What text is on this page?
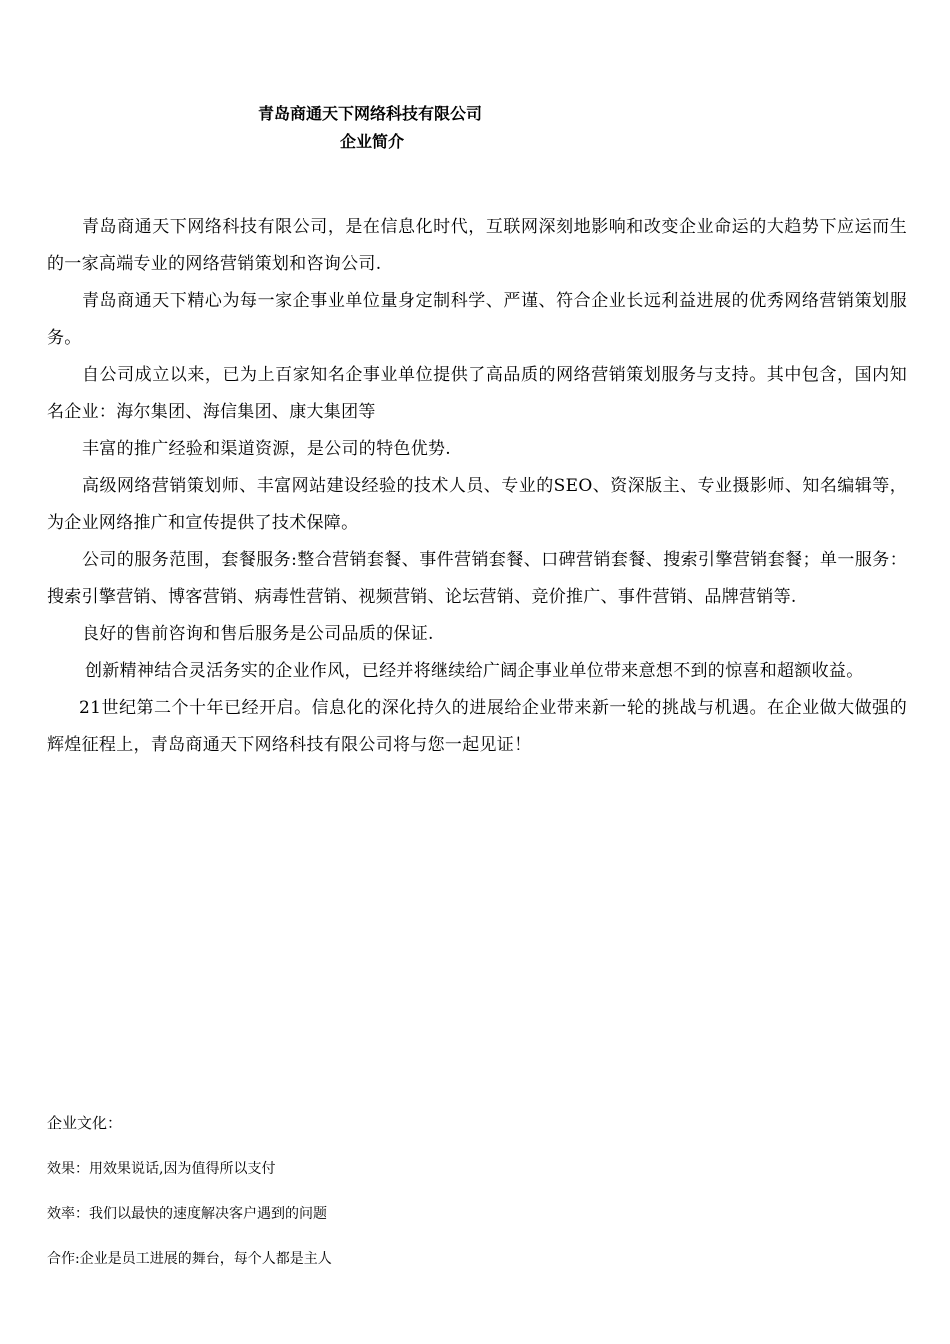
青岛商通天下网络科技有限公司
企业简介

青岛商通天下网络科技有限公司，是在信息化时代，互联网深刻地影响和改变企业命运的大趋势下应运而生的一家高端专业的网络营销策划和咨询公司.

青岛商通天下精心为每一家企事业单位量身定制科学、严谨、符合企业长远利益进展的优秀网络营销策划服务。

自公司成立以来，已为上百家知名企事业单位提供了高品质的网络营销策划服务与支持。其中包含，国内知名企业：海尔集团、海信集团、康大集团等

丰富的推广经验和渠道资源，是公司的特色优势.

高级网络营销策划师、丰富网站建设经验的技术人员、专业的SEO、资深版主、专业摄影师、知名编辑等，为企业网络推广和宣传提供了技术保障。

公司的服务范围，套餐服务:整合营销套餐、事件营销套餐、口碑营销套餐、搜索引擎营销套餐；单一服务：搜索引擎营销、博客营销、病毒性营销、视频营销、论坛营销、竞价推广、事件营销、品牌营销等.

良好的售前咨询和售后服务是公司品质的保证.

创新精神结合灵活务实的企业作风，已经并将继续给广阔企事业单位带来意想不到的惊喜和超额收益。

21世纪第二个十年已经开启。信息化的深化持久的进展给企业带来新一轮的挑战与机遇。在企业做大做强的辉煌征程上，青岛商通天下网络科技有限公司将与您一起见证！

企业文化：

效果：用效果说话,因为值得所以支付

效率：我们以最快的速度解决客户遇到的问题

合作:企业是员工进展的舞台，每个人都是主人
